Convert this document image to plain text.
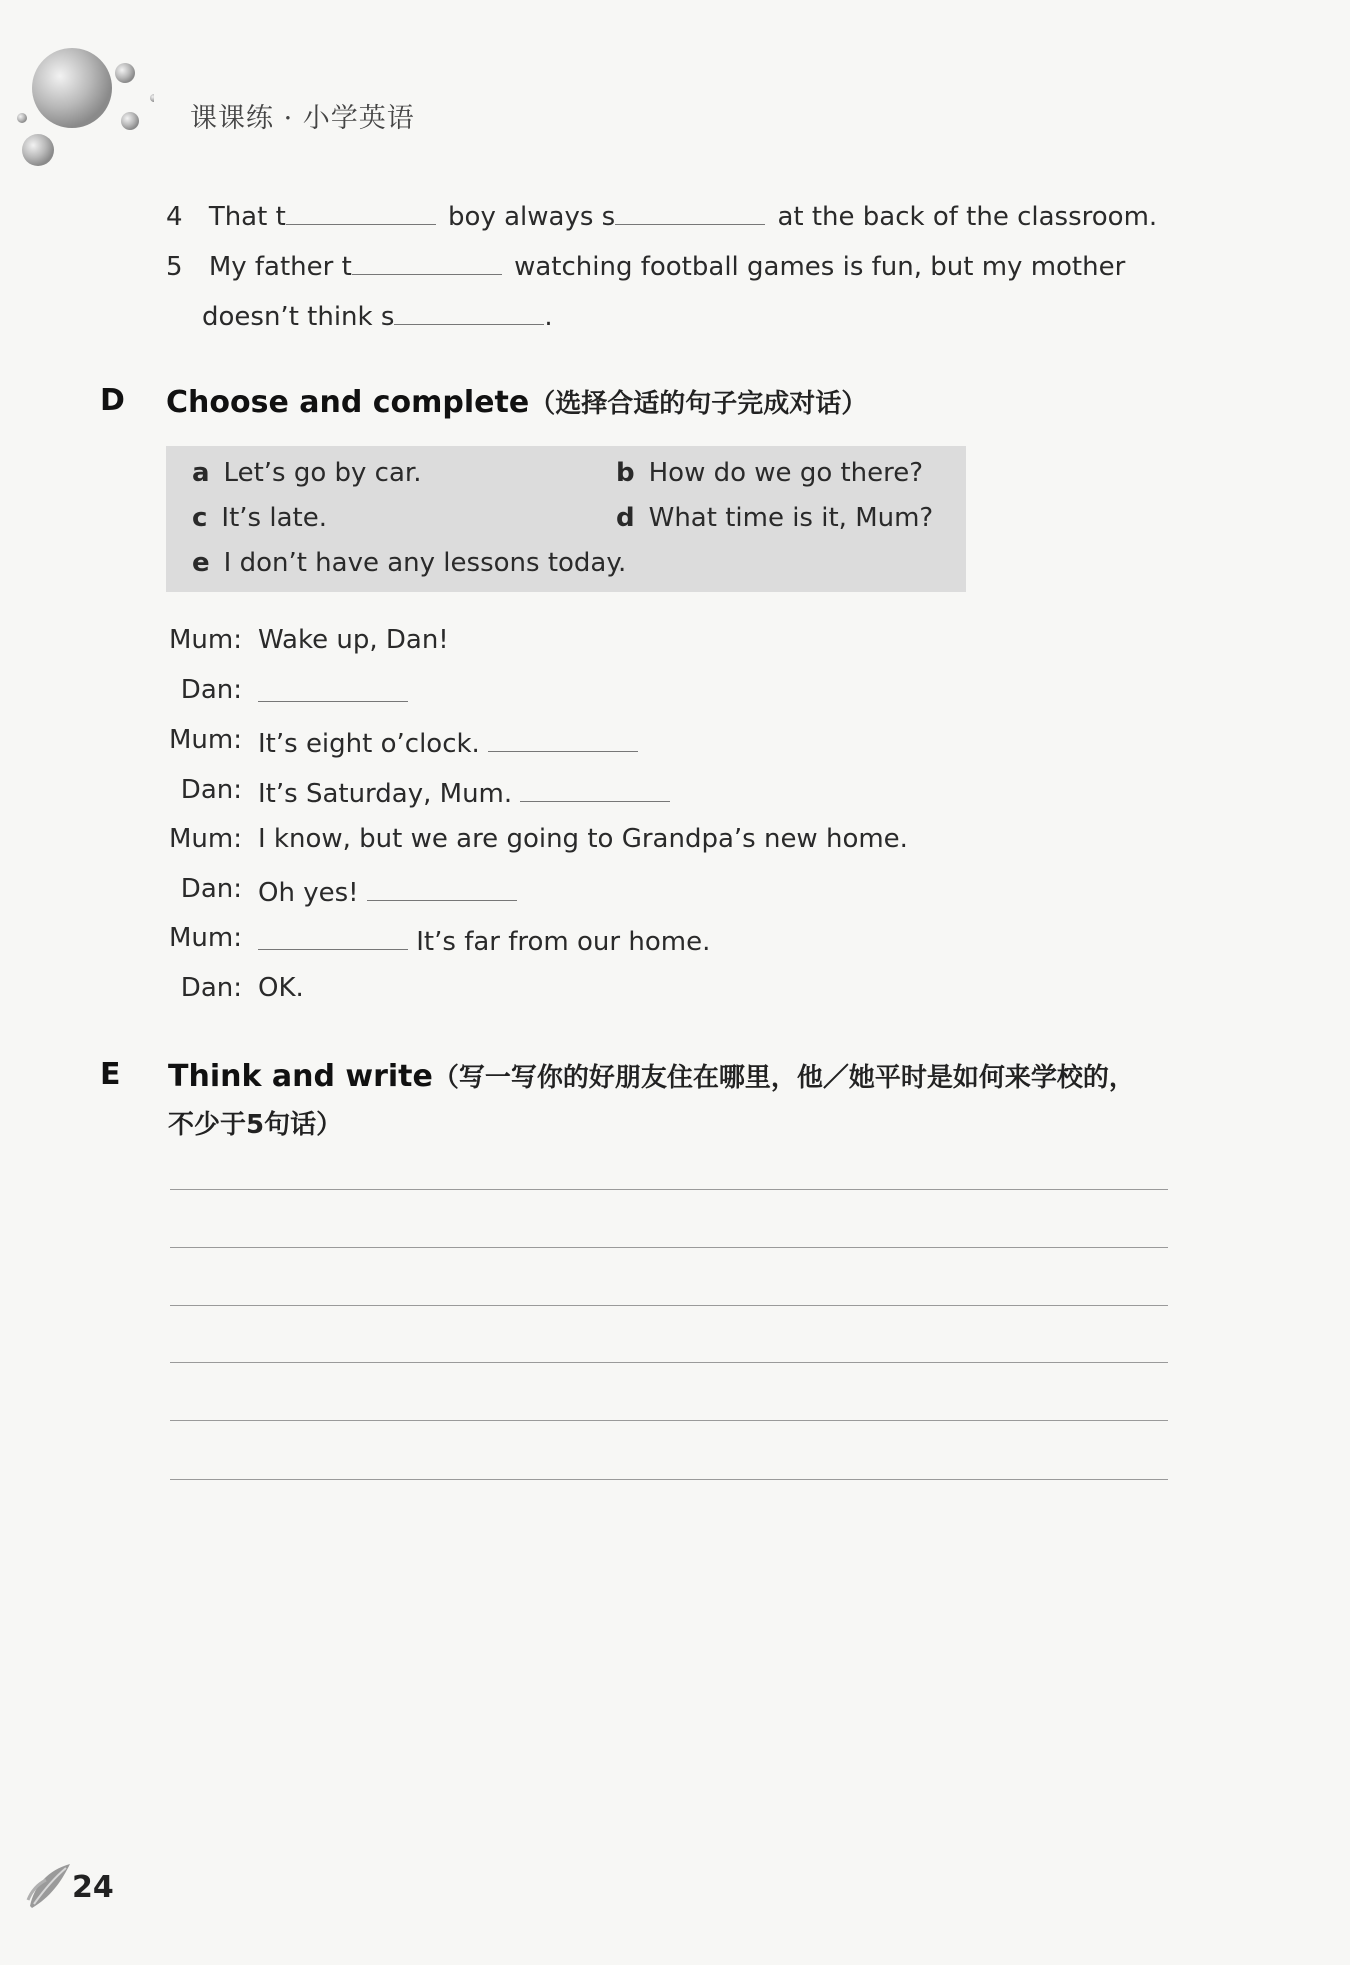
课课练 · 小学英语
4 That t	boy always s	at the back of the classroom.
5 My father t	watching football games is fun, but my mother
doesn’t think s	.
D Choose and complete（选择合适的句子完成对话）
a Let’s go by car.	b How do we go there?
c It’s late.	d What time is it, Mum?
e I don’t have any lessons today.
Mum: Wake up, Dan!
Dan:
Mum: It’s eight o’clock.
Dan: It’s Saturday, Mum.
Mum: I know, but we are going to Grandpa’s new home.
Dan: Oh yes!
Mum:	It’s far from our home.
Dan: OK.
E Think and write（写一写你的好朋友住在哪里，他／她平时是如何来学校的，
不少于5句话）
24
